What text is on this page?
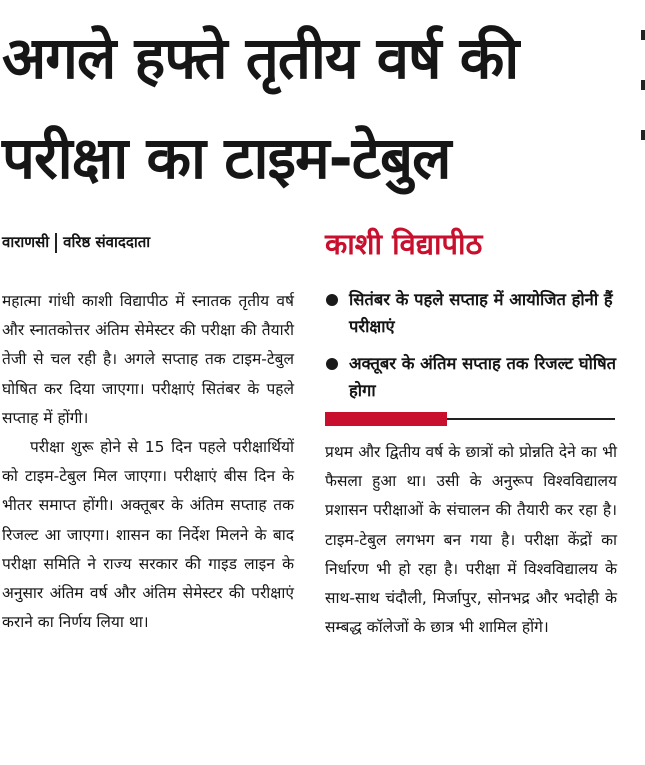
अगले हफ्ते तृतीय वर्ष की
परीक्षा का टाइम-टेबुल
वाराणसी वरिष्ठ संवाददाता

महात्मा गांधी काशी विद्यापीठ में स्नातक तृतीय वर्ष और स्नातकोत्तर अंतिम सेमेस्टर की परीक्षा की तैयारी तेजी से चल रही है। अगले सप्ताह तक टाइम-टेबुल घोषित कर दिया जाएगा। परीक्षाएं सितंबर के पहले सप्ताह में होंगी।

परीक्षा शुरू होने से 15 दिन पहले परीक्षार्थियों को टाइम-टेबुल मिल जाएगा। परीक्षाएं बीस दिन के भीतर समाप्त होंगी। अक्तूबर के अंतिम सप्ताह तक रिजल्ट आ जाएगा। शासन का निर्देश मिलने के बाद परीक्षा समिति ने राज्य सरकार की गाइड लाइन के अनुसार अंतिम वर्ष और अंतिम सेमेस्टर की परीक्षाएं कराने का निर्णय लिया था।

काशी विद्यापीठ
सितंबर के पहले सप्ताह में आयोजित होनी हैं परीक्षाएं
अक्तूबर के अंतिम सप्ताह तक रिजल्ट घोषित होगा

प्रथम और द्वितीय वर्ष के छात्रों को प्रोन्नति देने का भी फैसला हुआ था। उसी के अनुरूप विश्वविद्यालय प्रशासन परीक्षाओं के संचालन की तैयारी कर रहा है। टाइम-टेबुल लगभग बन गया है। परीक्षा केंद्रों का निर्धारण भी हो रहा है। परीक्षा में विश्वविद्यालय के साथ-साथ चंदौली, मिर्जापुर, सोनभद्र और भदोही के सम्बद्ध कॉलेजों के छात्र भी शामिल होंगे।
